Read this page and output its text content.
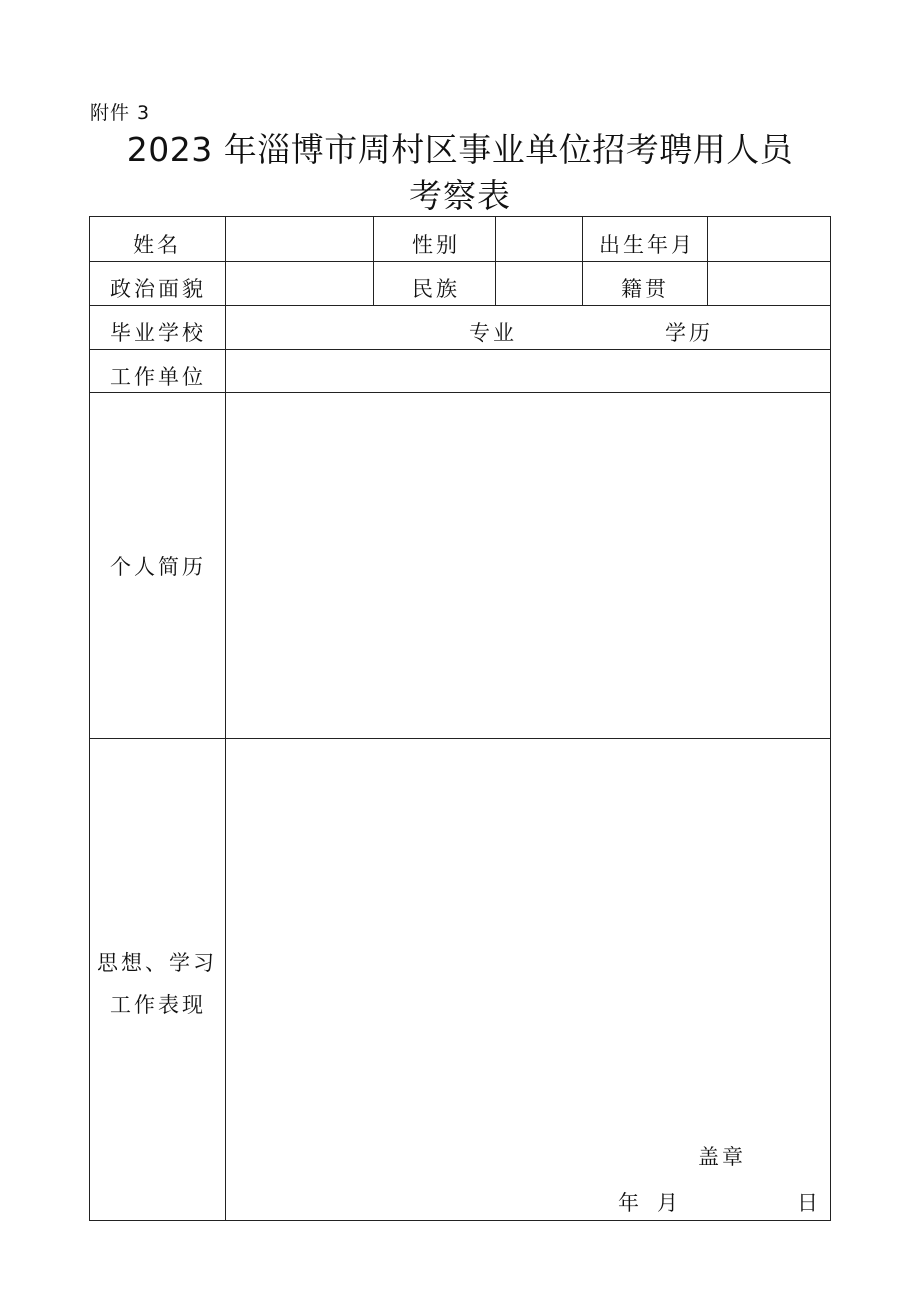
附件 3
2023 年淄博市周村区事业单位招考聘用人员
考察表
姓名	性别	出生年月
政治面貌	民族	籍贯
毕业学校	专业	学历
工作单位
个人简历
思想、学习
工作表现
盖章
年月	日
